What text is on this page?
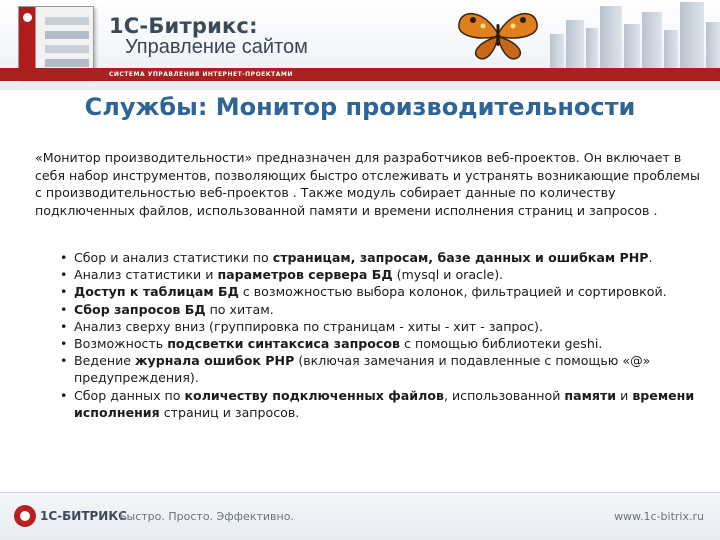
1С-Битрикс:
Управление сайтом
СИСТЕМА УПРАВЛЕНИЯ ИНТЕРНЕТ-ПРОЕКТАМИ
Службы: Монитор производительности

«Монитор производительности» предназначен для разработчиков веб-проектов. Он включает в себя набор инструментов, позволяющих быстро отслеживать и устранять возникающие проблемы с производительностью веб-проектов . Также модуль собирает данные по количеству подключенных файлов, использованной памяти и времени исполнения страниц и запросов .

• Сбор и анализ статистики по страницам, запросам, базе данных и ошибкам PHP.
• Анализ статистики и параметров сервера БД (mysql и oracle).
• Доступ к таблицам БД с возможностью выбора колонок, фильтрацией и сортировкой.
• Сбор запросов БД по хитам.
• Анализ сверху вниз (группировка по страницам - хиты - хит - запрос).
• Возможность подсветки синтаксиса запросов с помощью библиотеки geshi.
• Ведение журнала ошибок PHP (включая замечания и подавленные с помощью «@» предупреждения).
• Сбор данных по количеству подключенных файлов, использованной памяти и времени исполнения страниц и запросов.
1С-БИТРИКС
Быстро. Просто. Эффективно.	www.1c-bitrix.ru
